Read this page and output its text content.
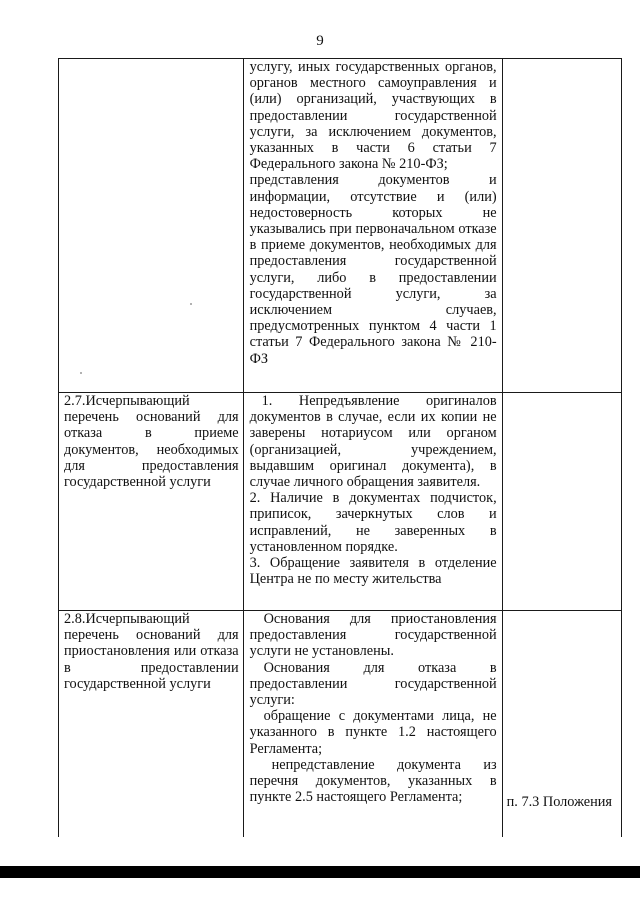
9

	услугу, иных государственных органов, органов местного самоуправления и (или) организаций, участвующих в предоставлении государственной услуги, за исключением документов, указанных в части 6 статьи 7 Федерального закона № 210-ФЗ;
представления документов и информации, отсутствие и (или) недостоверность которых не указывались при первоначальном отказе в приеме документов, необходимых для предоставления государственной услуги, либо в предоставлении государственной услуги, за исключением случаев, предусмотренных пунктом 4 части 1 статьи 7 Федерального закона № 210-ФЗ	

2.7.Исчерпывающий перечень оснований для отказа в приеме документов, необходимых для предоставления государственной услуги	1. Непредъявление оригиналов документов в случае, если их копии не заверены нотариусом или органом (организацией, учреждением, выдавшим оригинал документа), в случае личного обращения заявителя.
2. Наличие в документах подчисток, приписок, зачеркнутых слов и исправлений, не заверенных в установленном порядке.
3. Обращение заявителя в отделение Центра не по месту жительства	

2.8.Исчерпывающий перечень оснований для приостановления или отказа в предоставлении государственной услуги	Основания для приостановления предоставления государственной услуги не установлены.
Основания для отказа в предоставлении государственной услуги:
обращение с документами лица, не указанного в пункте 1.2 настоящего Регламента;
непредставление документа из перечня документов, указанных в пункте 2.5 настоящего Регламента;	п. 7.3 Положения
